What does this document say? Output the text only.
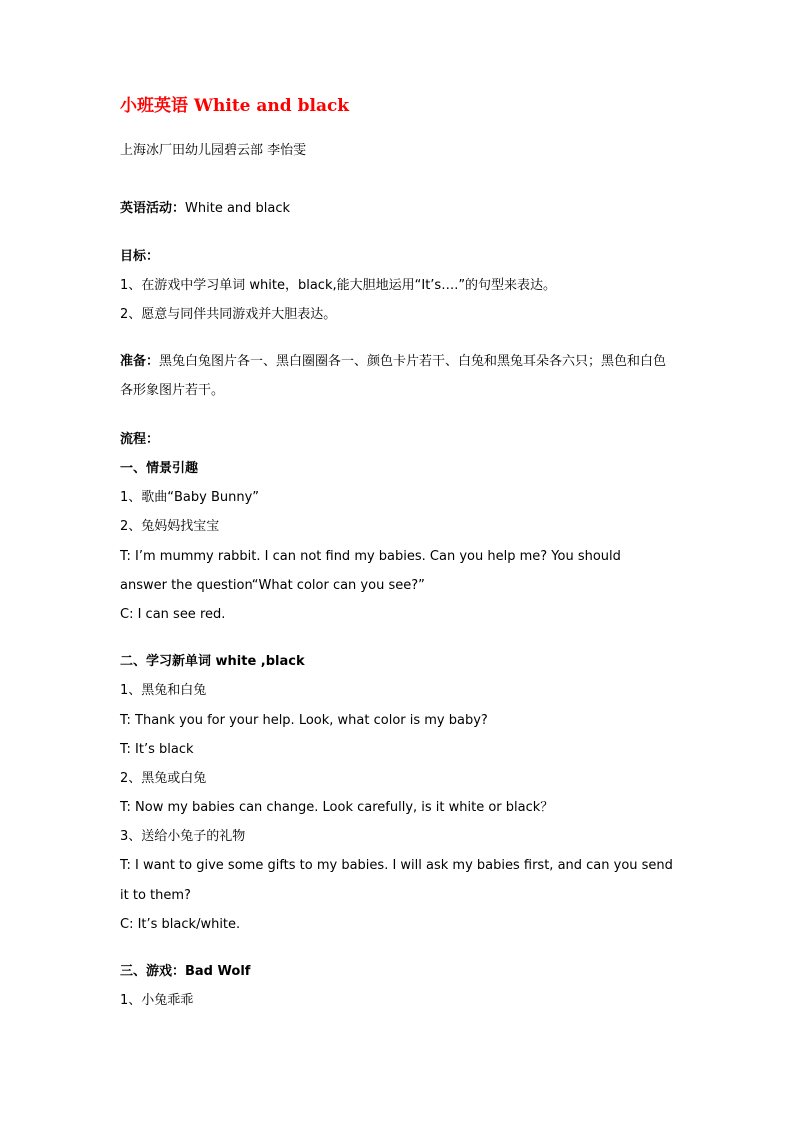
小班英语 White and black
上海冰厂田幼儿园碧云部 李怡雯
英语活动：White and black
目标：
1、在游戏中学习单词 white，black,能大胆地运用“It’s….”的句型来表达。
2、愿意与同伴共同游戏并大胆表达。
准备：黑兔白兔图片各一、黑白圈圈各一、颜色卡片若干、白兔和黑兔耳朵各六只；黑色和白色
各形象图片若干。
流程：
一、情景引趣
1、歌曲“Baby Bunny”
2、兔妈妈找宝宝
T: I’m mummy rabbit. I can not find my babies. Can you help me? You should
answer the question“What color can you see?”
C: I can see red.
二、学习新单词 white ,black
1、黑兔和白兔
T: Thank you for your help. Look, what color is my baby?
T: It’s black
2、黑兔或白兔
T: Now my babies can change. Look carefully, is it white or black？
3、送给小兔子的礼物
T: I want to give some gifts to my babies. I will ask my babies first, and can you send
it to them?
C: It’s black/white.
三、游戏：Bad Wolf
1、小兔乖乖
